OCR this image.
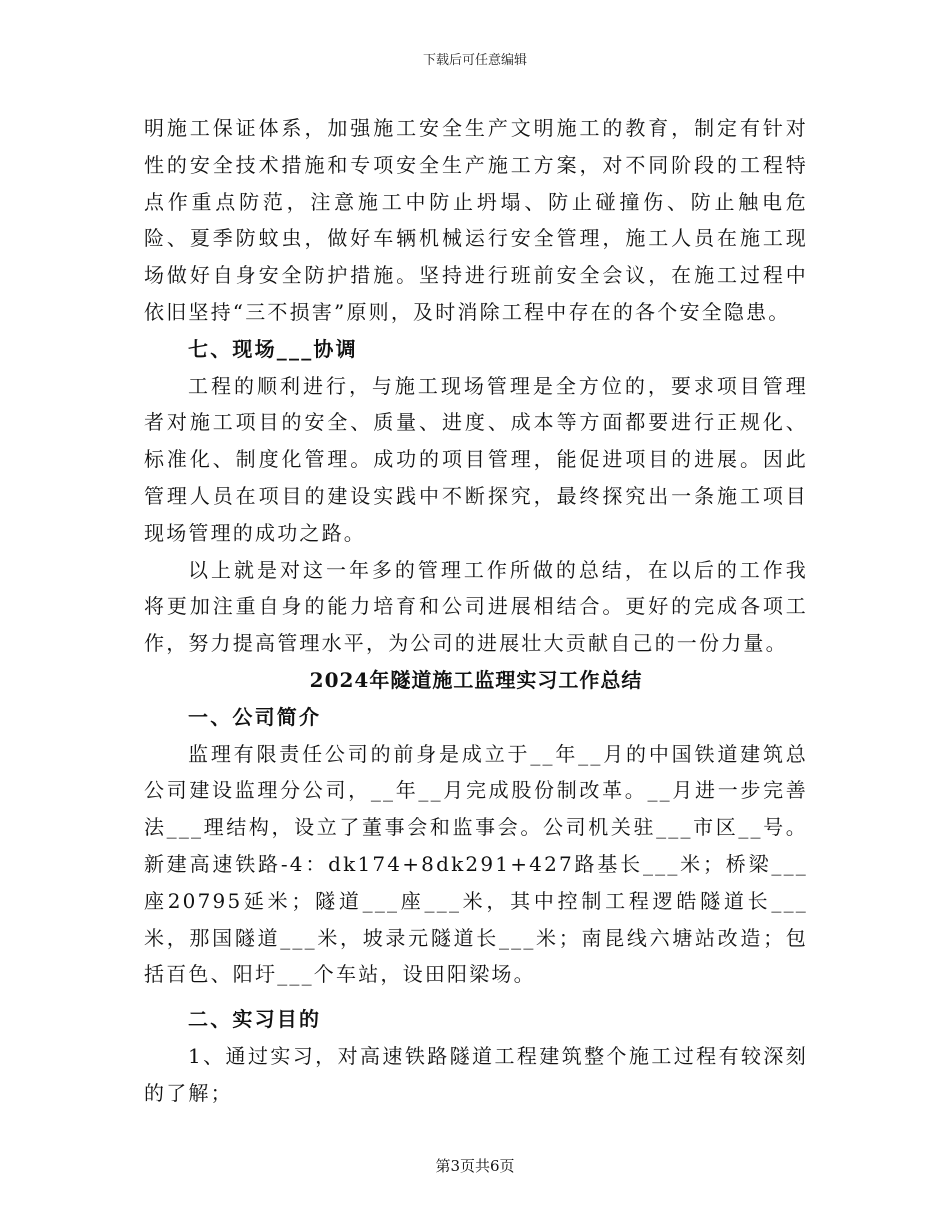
下载后可任意编辑

明施工保证体系，加强施工安全生产文明施工的教育，制定有针对性的安全技术措施和专项安全生产施工方案，对不同阶段的工程特点作重点防范，注意施工中防止坍塌、防止碰撞伤、防止触电危险、夏季防蚊虫，做好车辆机械运行安全管理，施工人员在施工现场做好自身安全防护措施。坚持进行班前安全会议，在施工过程中依旧坚持“三不损害”原则，及时消除工程中存在的各个安全隐患。

七、现场___协调

工程的顺利进行，与施工现场管理是全方位的，要求项目管理者对施工项目的安全、质量、进度、成本等方面都要进行正规化、标准化、制度化管理。成功的项目管理，能促进项目的进展。因此管理人员在项目的建设实践中不断探究，最终探究出一条施工项目现场管理的成功之路。

以上就是对这一年多的管理工作所做的总结，在以后的工作我将更加注重自身的能力培育和公司进展相结合。更好的完成各项工作，努力提高管理水平，为公司的进展壮大贡献自己的一份力量。

2024年隧道施工监理实习工作总结

一、公司简介

监理有限责任公司的前身是成立于__年__月的中国铁道建筑总公司建设监理分公司，__年__月完成股份制改革。__月进一步完善法___理结构，设立了董事会和监事会。公司机关驻___市区__号。新建高速铁路-4：dk174+8dk291+427路基长___米；桥梁___座20795延米；隧道___座___米，其中控制工程逻皓隧道长___米，那国隧道___米，坡录元隧道长___米；南昆线六塘站改造；包括百色、阳圩___个车站，设田阳梁场。

二、实习目的

1、通过实习，对高速铁路隧道工程建筑整个施工过程有较深刻的了解；

第3页共6页
